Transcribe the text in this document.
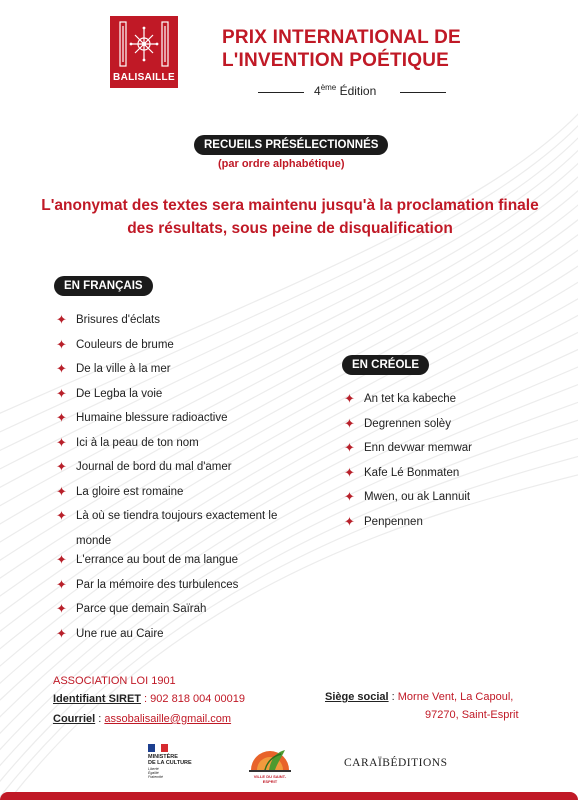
BALISAILLE
PRIX INTERNATIONAL DE
L'INVENTION POÉTIQUE
4ème Édition
RECUEILS PRÉSÉLECTIONNÉS
(par ordre alphabétique)
L'anonymat des textes sera maintenu jusqu'à la proclamation finale des résultats, sous peine de disqualification
EN FRANÇAIS
✦ Brisures d'éclats
✦ Couleurs de brume
✦ De la ville à la mer
✦ De Legba la voie
✦ Humaine blessure radioactive
✦ Ici à la peau de ton nom
✦ Journal de bord du mal d'amer
✦ La gloire est romaine
✦ Là où se tiendra toujours exactement le monde
✦ L'errance au bout de ma langue
✦ Par la mémoire des turbulences
✦ Parce que demain Saïrah
✦ Une rue au Caire
EN CRÉOLE
✦ An tet ka kabeche
✦ Degrennen solèy
✦ Enn devwar memwar
✦ Kafe Lé Bonmaten
✦ Mwen, ou ak Lannuit
✦ Penpennen
ASSOCIATION LOI 1901
Identifiant SIRET : 902 818 004 00019
Courriel : assobalisaille@gmail.com
Siège social : Morne Vent, La Capoul,
97270, Saint-Esprit
MINISTÈRE
DE LA CULTURE
Liberté
Égalité
Fraternité	VILLE DU SAINT-ESPRIT
CARAÏBÉDITIONS
